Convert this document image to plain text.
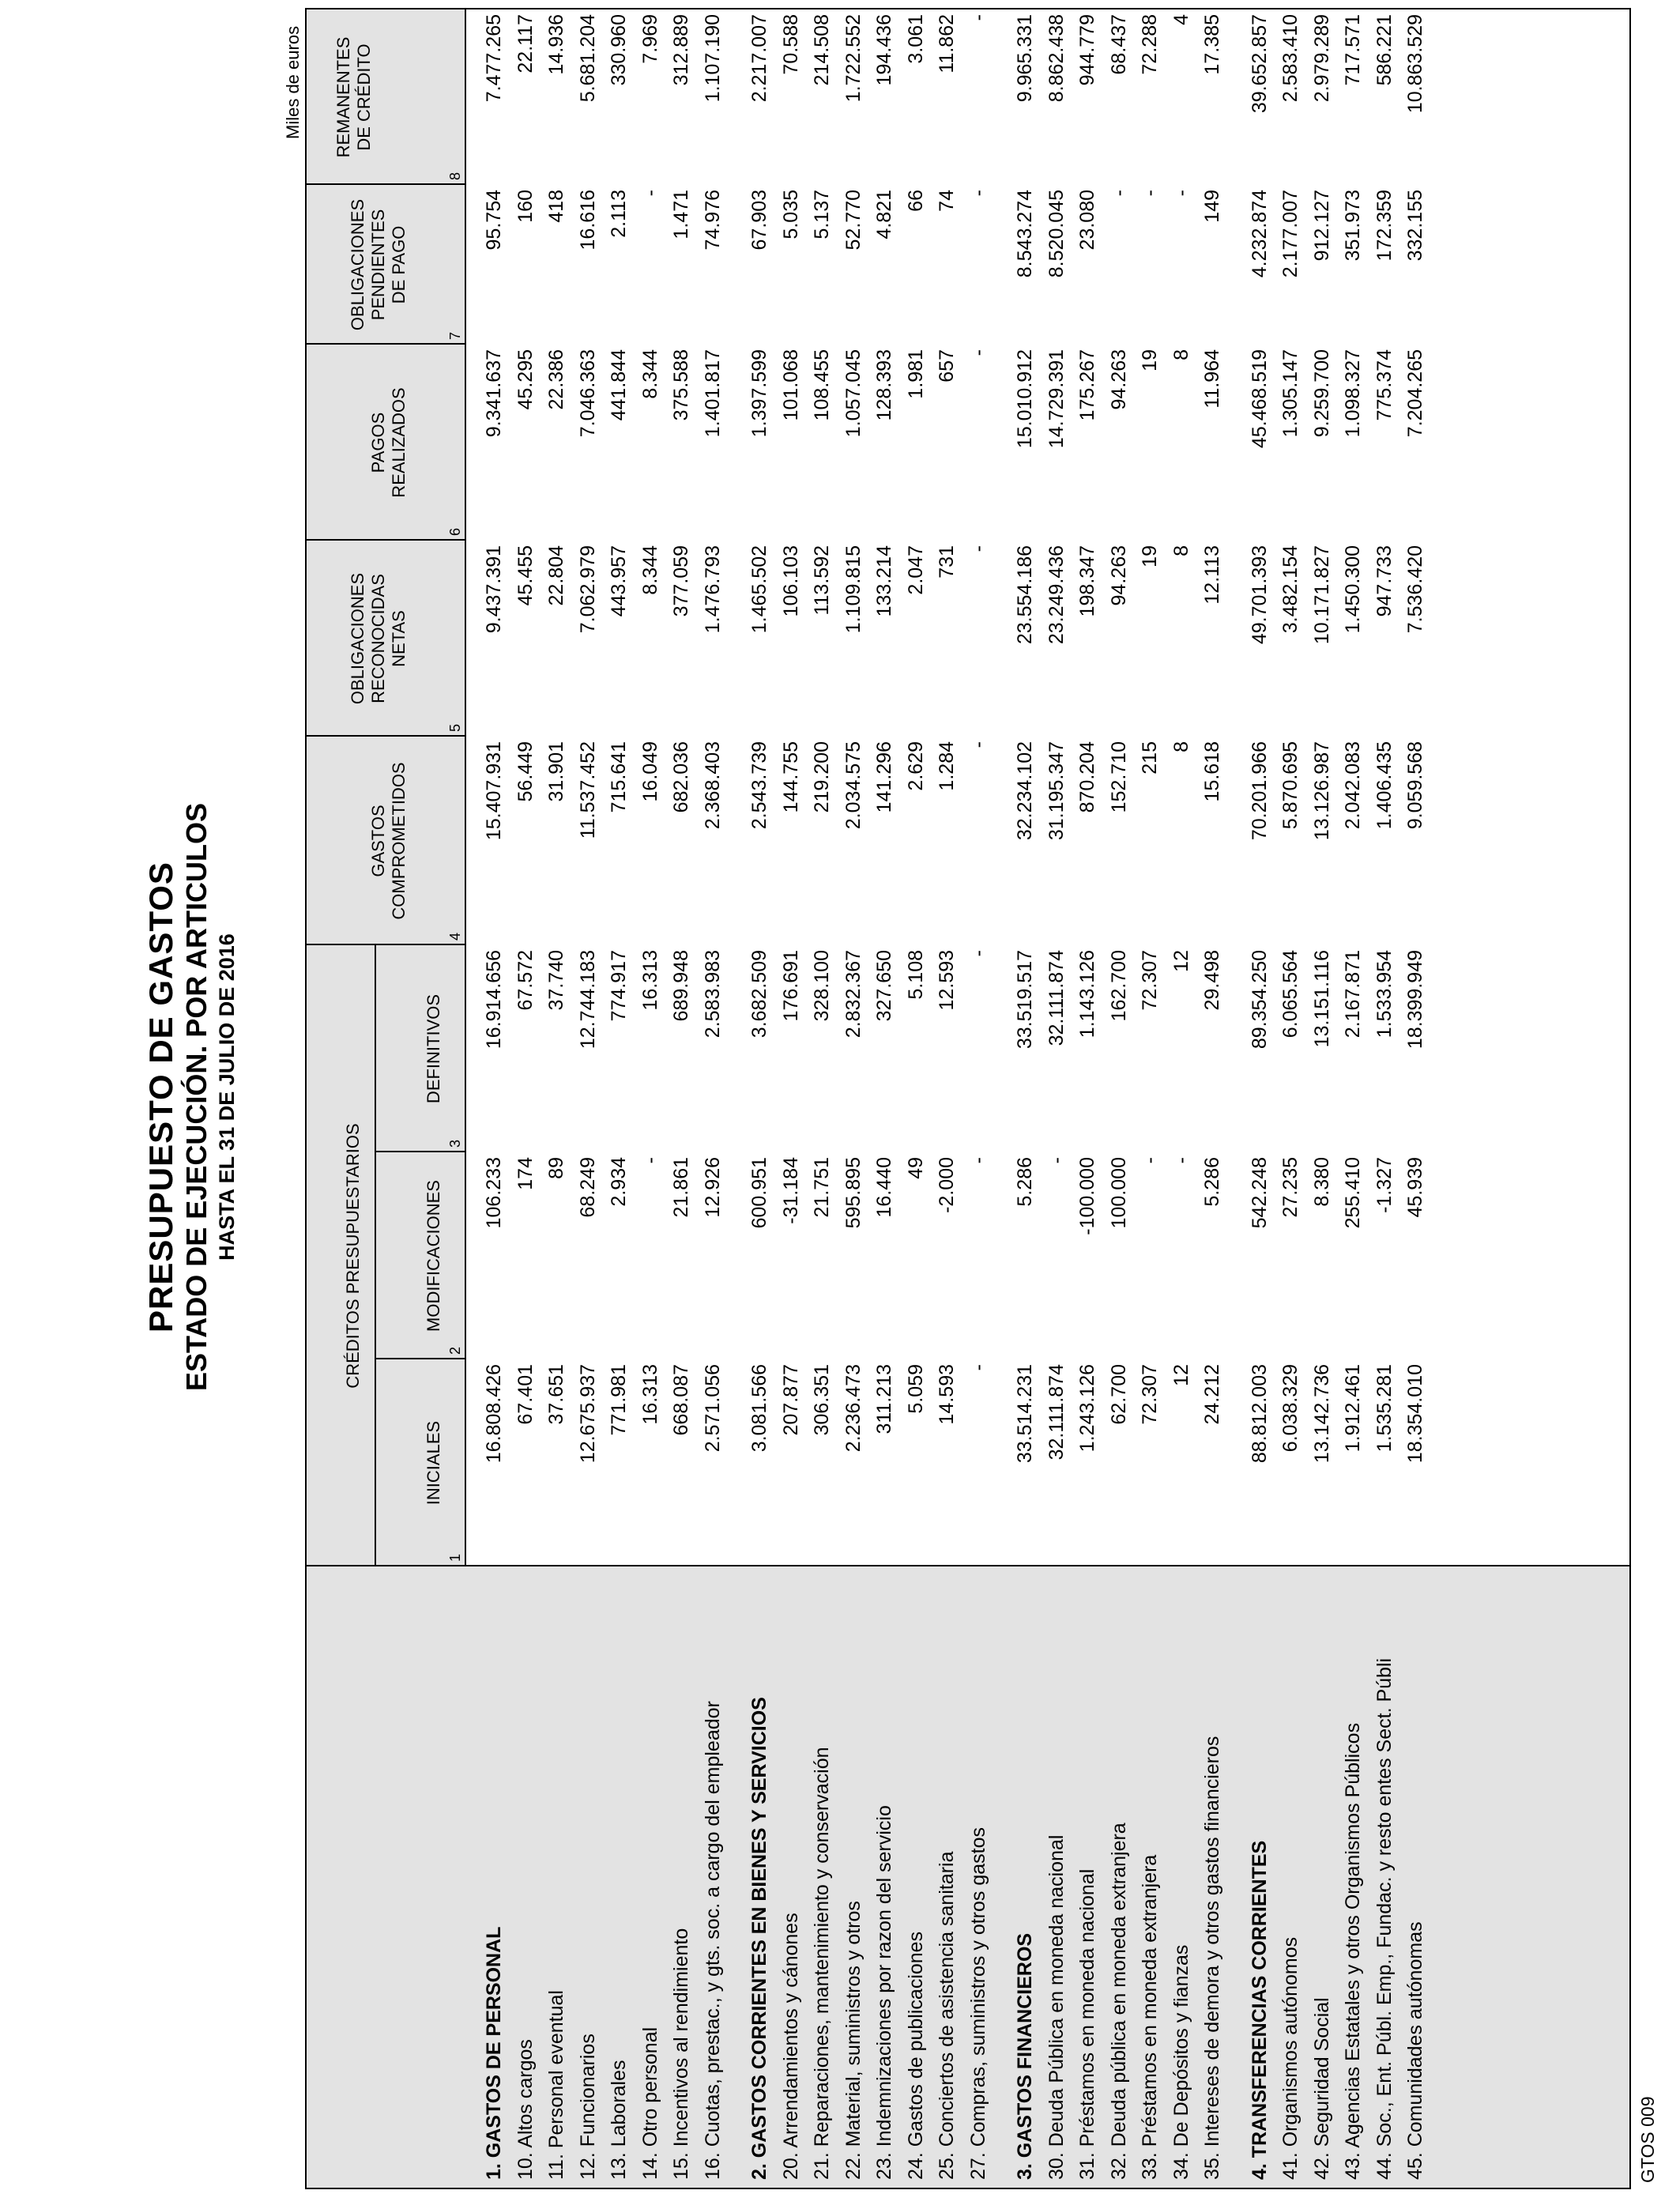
PRESUPUESTO DE GASTOS ESTADO DE EJECUCIÓN. POR ARTICULOS HASTA EL 31 DE JULIO DE 2016
Miles de euros
CRÉDITOS PRESUPUESTARIOS
INICIALES
MODIFICACIONES
DEFINITIVOS
GASTOS COMPROMETIDOS
OBLIGACIONES RECONOCIDAS NETAS
PAGOS REALIZADOS
OBLIGACIONES PENDIENTES DE PAGO
REMANENTES DE CRÉDITO
1
2
3
4
5
6
7
8
1. GASTOS DE PERSONAL
16.808.426
106.233
16.914.656
15.407.931
9.437.391
9.341.637
95.754
7.477.265
10. Altos cargos
67.401
174
67.572
56.449
45.455
45.295
160
22.117
11. Personal eventual
37.651
89
37.740
31.901
22.804
22.386
418
14.936
12. Funcionarios
12.675.937
68.249
12.744.183
11.537.452
7.062.979
7.046.363
16.616
5.681.204
13. Laborales
771.981
2.934
774.917
715.641
443.957
441.844
2.113
330.960
14. Otro personal
16.313
-
16.313
16.049
8.344
8.344
-
7.969
15. Incentivos al rendimiento
668.087
21.861
689.948
682.036
377.059
375.588
1.471
312.889
16. Cuotas, prestac., y gts. soc. a cargo del empleador
2.571.056
12.926
2.583.983
2.368.403
1.476.793
1.401.817
74.976
1.107.190
2. GASTOS CORRIENTES EN BIENES Y SERVICIOS
3.081.566
600.951
3.682.509
2.543.739
1.465.502
1.397.599
67.903
2.217.007
20. Arrendamientos y cánones
207.877
-31.184
176.691
144.755
106.103
101.068
5.035
70.588
21. Reparaciones, mantenimiento y conservación
306.351
21.751
328.100
219.200
113.592
108.455
5.137
214.508
22. Material, suministros y otros
2.236.473
595.895
2.832.367
2.034.575
1.109.815
1.057.045
52.770
1.722.552
23. Indemnizaciones por razon del servicio
311.213
16.440
327.650
141.296
133.214
128.393
4.821
194.436
24. Gastos de publicaciones
5.059
49
5.108
2.629
2.047
1.981
66
3.061
25. Conciertos de asistencia sanitaria
14.593
-2.000
12.593
1.284
731
657
74
11.862
27. Compras, suministros y otros gastos
-
-
-
-
-
-
-
-
3. GASTOS FINANCIEROS
33.514.231
5.286
33.519.517
32.234.102
23.554.186
15.010.912
8.543.274
9.965.331
30. Deuda Pública en moneda nacional
32.111.874
-
32.111.874
31.195.347
23.249.436
14.729.391
8.520.045
8.862.438
31. Préstamos en moneda nacional
1.243.126
-100.000
1.143.126
870.204
198.347
175.267
23.080
944.779
32. Deuda pública en moneda extranjera
62.700
100.000
162.700
152.710
94.263
94.263
-
68.437
33. Préstamos en moneda extranjera
72.307
-
72.307
215
19
19
-
72.288
34. De Depósitos y fianzas
12
-
12
8
8
8
-
4
35. Intereses de demora y otros gastos financieros
24.212
5.286
29.498
15.618
12.113
11.964
149
17.385
4. TRANSFERENCIAS CORRIENTES
88.812.003
542.248
89.354.250
70.201.966
49.701.393
45.468.519
4.232.874
39.652.857
41. Organismos autónomos
6.038.329
27.235
6.065.564
5.870.695
3.482.154
1.305.147
2.177.007
2.583.410
42. Seguridad Social
13.142.736
8.380
13.151.116
13.126.987
10.171.827
9.259.700
912.127
2.979.289
43. Agencias Estatales y otros Organismos Públicos
1.912.461
255.410
2.167.871
2.042.083
1.450.300
1.098.327
351.973
717.571
44. Soc., Ent. Públ. Emp., Fundac. y resto entes Sect. Públi
1.535.281
-1.327
1.533.954
1.406.435
947.733
775.374
172.359
586.221
45. Comunidades autónomas
18.354.010
45.939
18.399.949
9.059.568
7.536.420
7.204.265
332.155
10.863.529
GTOS 009
